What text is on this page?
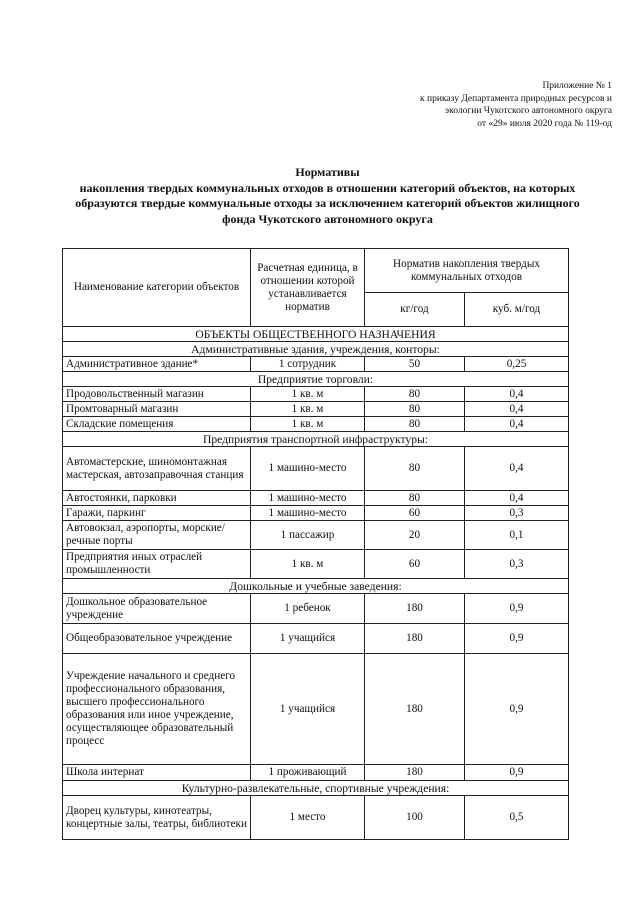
Приложение № 1
к приказу Департамента природных ресурсов и
экологии Чукотского автономного округа
от «29» июля 2020 года № 119-од
Нормативы
накопления твердых коммунальных отходов в отношении категорий объектов, на которых
образуются твердые коммунальные отходы за исключением категорий объектов жилищного
фонда Чукотского автономного округа
Наименование категории объектов	Расчетная единица, в отношении которой устанавливается норматив	Норматив накопления твердых коммунальных отходов	
		кг/год	куб. м/год
ОБЪЕКТЫ ОБЩЕСТВЕННОГО НАЗНАЧЕНИЯ			
Административные здания, учреждения, конторы:			
Административное здание*	1 сотрудник	50	0,25
Предприятие торговли:			
Продовольственный магазин	1 кв. м	80	0,4
Промтоварный магазин	1 кв. м	80	0,4
Складские помещения	1 кв. м	80	0,4
Предприятия транспортной инфраструктуры:			
Автомастерские, шиномонтажная мастерская, автозаправочная станция	1 машино-место	80	0,4
Автостоянки, парковки	1 машино-место	80	0,4
Гаражи, паркинг	1 машино-место	60	0,3
Автовокзал, аэропорты, морские/речные порты	1 пассажир	20	0,1
Предприятия иных отраслей промышленности	1 кв. м	60	0,3
Дошкольные и учебные заведения:			
Дошкольное образовательное учреждение	1 ребенок	180	0,9
Общеобразовательное учреждение	1 учащийся	180	0,9
Учреждение начального и среднего профессионального образования, высшего профессионального образования или иное учреждение, осуществляющее образовательный процесс	1 учащийся	180	0,9
Школа интернат	1 проживающий	180	0,9
Культурно-развлекательные, спортивные учреждения:			
Дворец культуры, кинотеатры, концертные залы, театры, библиотеки	1 место	100	0,5
